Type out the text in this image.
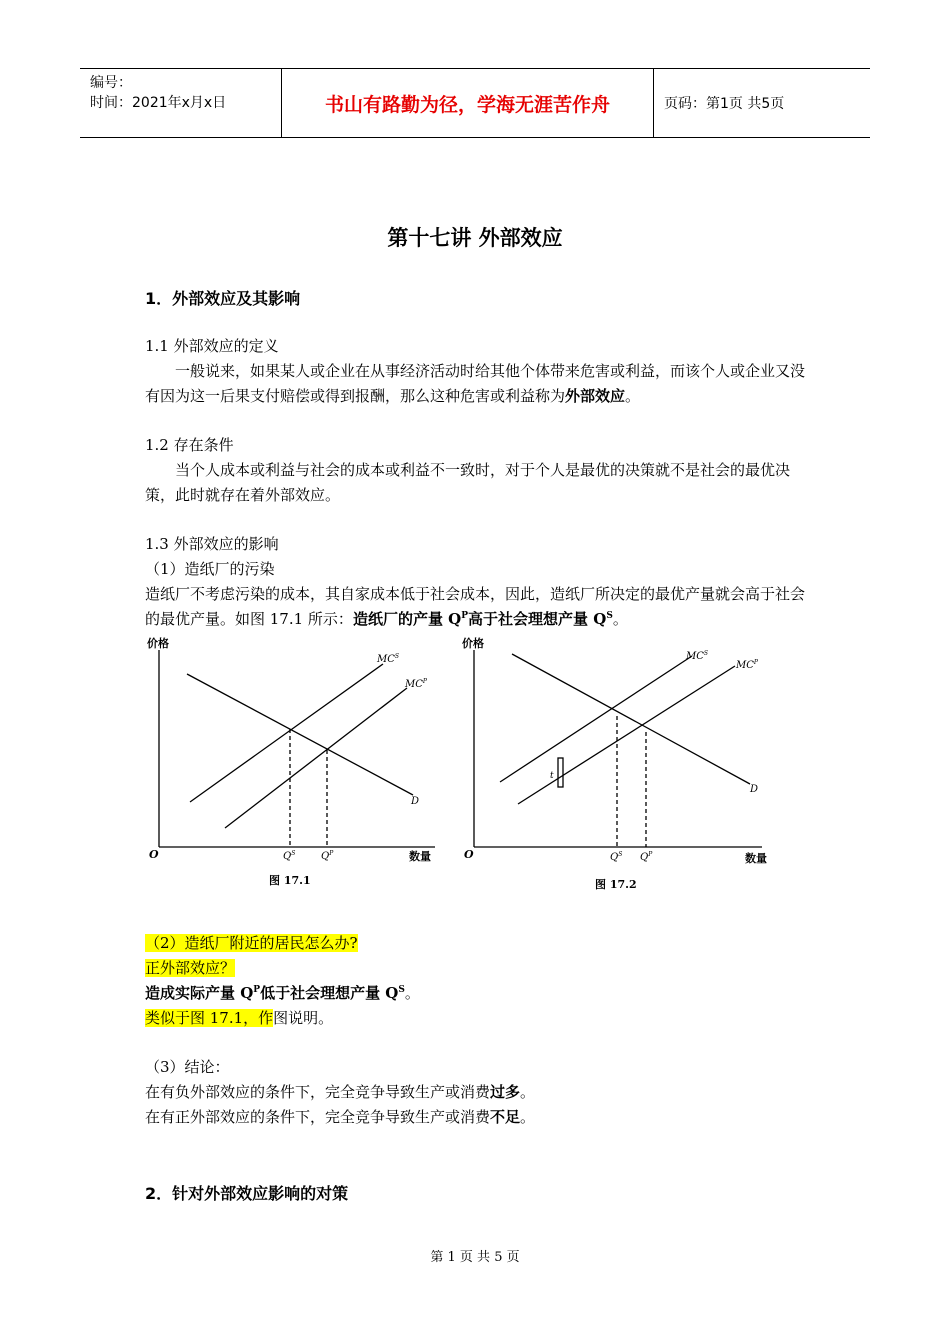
编号：
时间：2021年x月x日	书山有路勤为径，学海无涯苦作舟	页码：第1页 共5页
第十七讲 外部效应
1．外部效应及其影响
1.1 外部效应的定义
一般说来，如果某人或企业在从事经济活动时给其他个体带来危害或利益，而该个人或企业又没有因为这一后果支付赔偿或得到报酬，那么这种危害或利益称为外部效应。
1.2 存在条件
当个人成本或利益与社会的成本或利益不一致时，对于个人是最优的决策就不是社会的最优决策，此时就存在着外部效应。
1.3 外部效应的影响
（1）造纸厂的污染
造纸厂不考虑污染的成本，其自家成本低于社会成本，因此，造纸厂所决定的最优产量就会高于社会的最优产量。如图 17.1 所示：造纸厂的产量 $Q^P$高于社会理想产量 $Q^S$。
价格
O	数量
$MC^S$
$MC^P$
D
$Q^S$	$Q^P$
图 17.1
价格
O	数量
$MC^S$
$MC^P$
D
t
$Q^S$ $Q^P$
图 17.2
（2）造纸厂附近的居民怎么办?
正外部效应？
造成实际产量 $Q^P$低于社会理想产量 $Q^S$。
类似于图 17.1，作图说明。
（3）结论：
在有负外部效应的条件下，完全竞争导致生产或消费过多。
在有正外部效应的条件下，完全竞争导致生产或消费不足。
2．针对外部效应影响的对策
第 1 页 共 5 页
